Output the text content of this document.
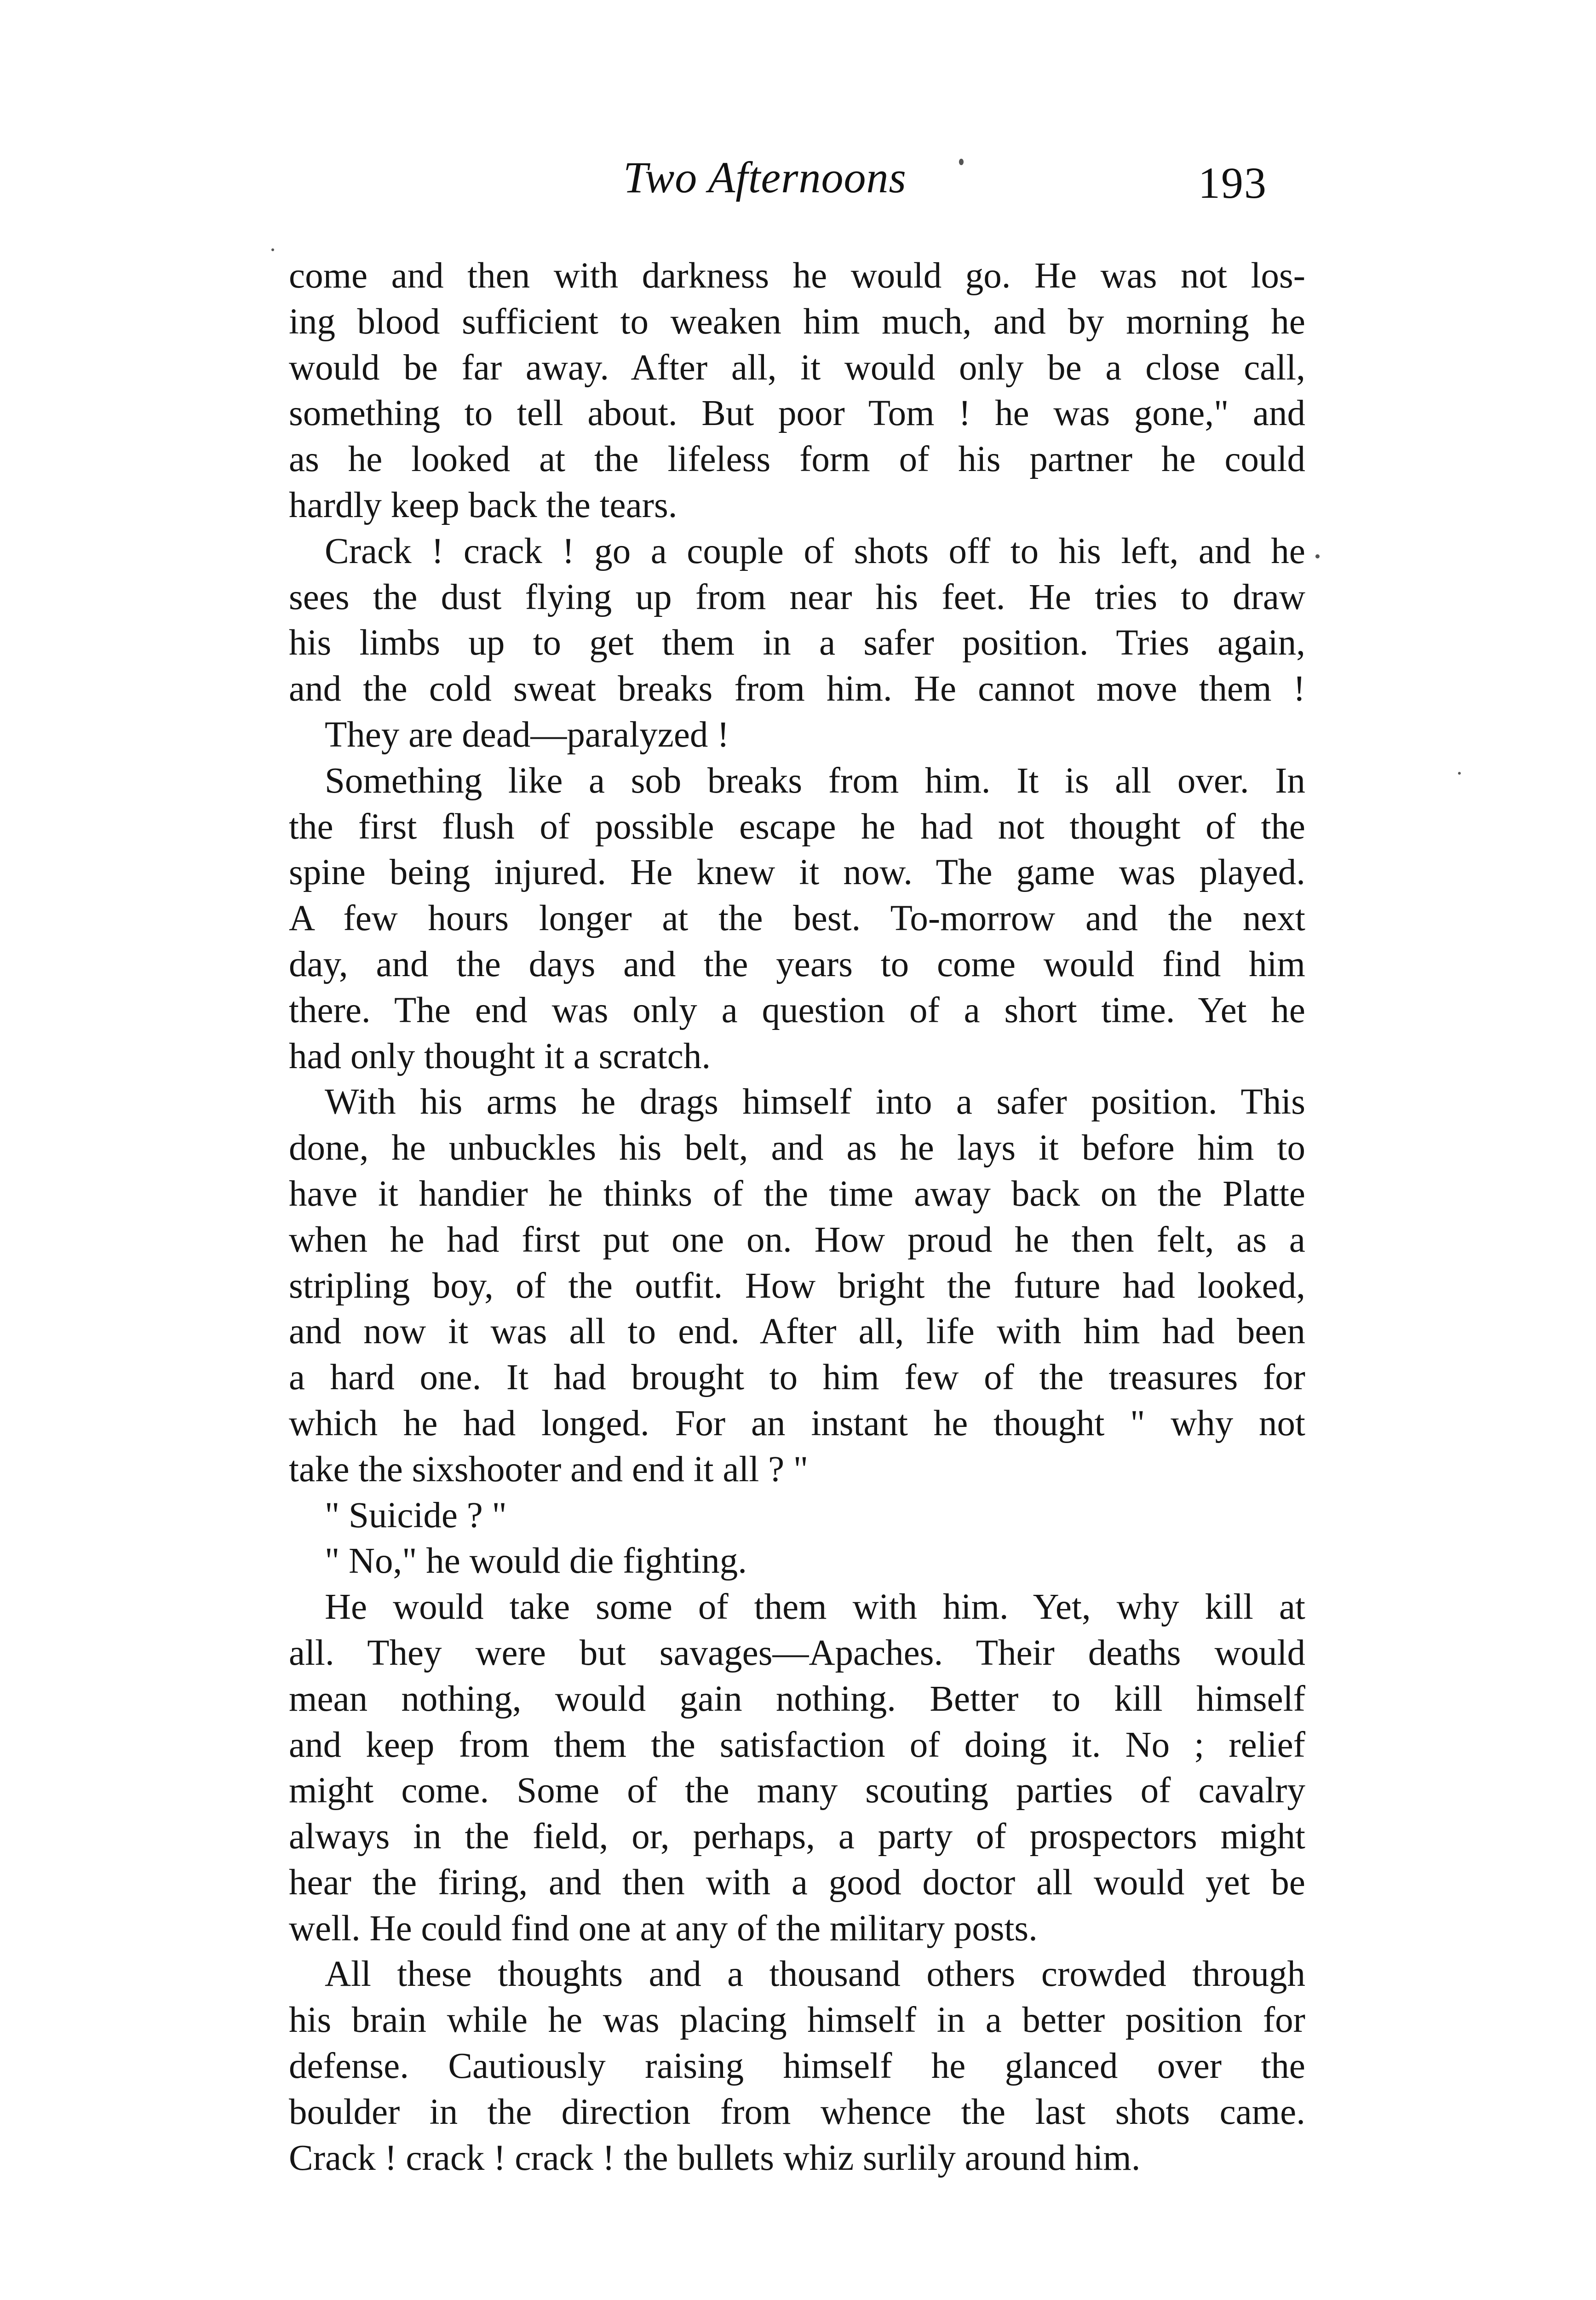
Two Afternoons	193
come and then with darkness he would go. He was not los-
ing blood sufficient to weaken him much, and by morning he
would be far away. After all, it would only be a close call,
something to tell about. But poor Tom ! he was gone," and
as he looked at the lifeless form of his partner he could
hardly keep back the tears.
Crack ! crack ! go a couple of shots off to his left, and he
sees the dust flying up from near his feet. He tries to draw
his limbs up to get them in a safer position. Tries again,
and the cold sweat breaks from him. He cannot move them !
They are dead—paralyzed !
Something like a sob breaks from him. It is all over. In
the first flush of possible escape he had not thought of the
spine being injured. He knew it now. The game was played.
A few hours longer at the best. To-morrow and the next
day, and the days and the years to come would find him
there. The end was only a question of a short time. Yet he
had only thought it a scratch.
With his arms he drags himself into a safer position. This
done, he unbuckles his belt, and as he lays it before him to
have it handier he thinks of the time away back on the Platte
when he had first put one on. How proud he then felt, as a
stripling boy, of the outfit. How bright the future had looked,
and now it was all to end. After all, life with him had been
a hard one. It had brought to him few of the treasures for
which he had longed. For an instant he thought " why not
take the sixshooter and end it all ? "
" Suicide ? "
" No," he would die fighting.
He would take some of them with him. Yet, why kill at
all. They were but savages—Apaches. Their deaths would
mean nothing, would gain nothing. Better to kill himself
and keep from them the satisfaction of doing it. No ; relief
might come. Some of the many scouting parties of cavalry
always in the field, or, perhaps, a party of prospectors might
hear the firing, and then with a good doctor all would yet be
well. He could find one at any of the military posts.
All these thoughts and a thousand others crowded through
his brain while he was placing himself in a better position for
defense. Cautiously raising himself he glanced over the
boulder in the direction from whence the last shots came.
Crack ! crack ! crack ! the bullets whiz surlily around him.
